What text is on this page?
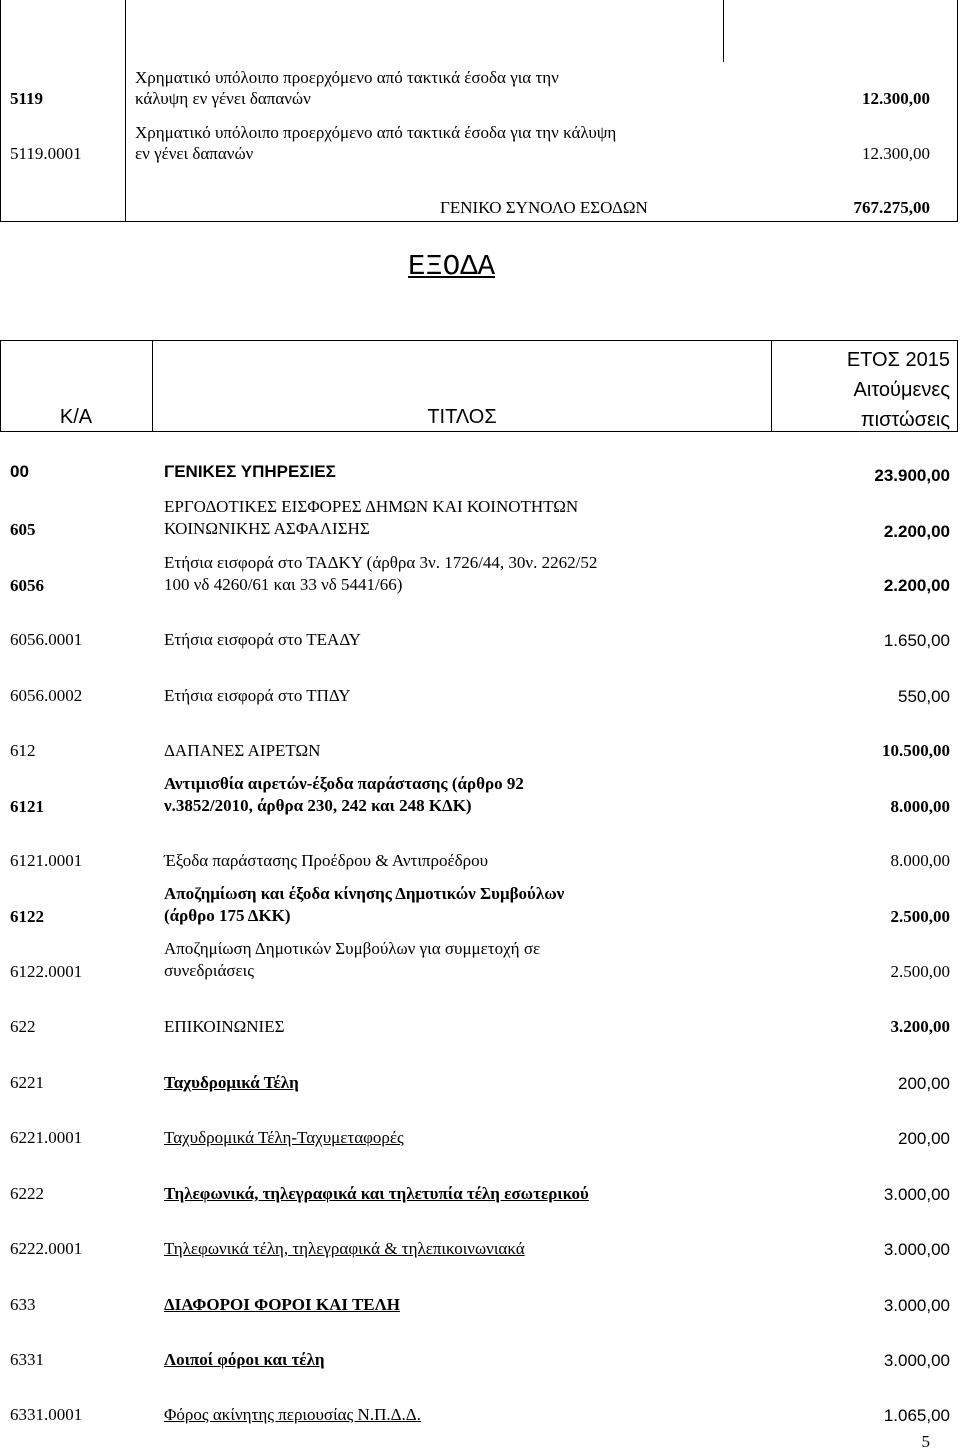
5119
Χρηματικό υπόλοιπο προερχόμενο από τακτικά έσοδα για την
κάλυψη εν γένει δαπανών	12.300,00
5119.0001
Χρηματικό υπόλοιπο προερχόμενο από τακτικά έσοδα για την κάλυψη
εν γένει δαπανών	12.300,00
ΓΕΝΙΚΟ ΣΥΝΟΛΟ ΕΣΟΔΩΝ	767.275,00
ΕΞΟΔΑ
Κ/Α	ΤΙΤΛΟΣ
ΕΤΟΣ 2015
Αιτούμενες
πιστώσεις
00	ΓΕΝΙΚΕΣ ΥΠΗΡΕΣΙΕΣ	23.900,00
605
ΕΡΓΟΔΟΤΙΚΕΣ ΕΙΣΦΟΡΕΣ ΔΗΜΩΝ ΚΑΙ ΚΟΙΝΟΤΗΤΩΝ
ΚΟΙΝΩΝΙΚΗΣ ΑΣΦΑΛΙΣΗΣ	2.200,00
6056
Ετήσια εισφορά στο ΤΑΔΚΥ (άρθρα 3ν. 1726/44, 30ν. 2262/52
100 νδ 4260/61 και 33 νδ 5441/66)	2.200,00
6056.0001	Ετήσια εισφορά στο ΤΕΑΔΥ	1.650,00
6056.0002	Ετήσια εισφορά στο ΤΠΔΥ	550,00
612	ΔΑΠΑΝΕΣ ΑΙΡΕΤΩΝ	10.500,00
6121
Αντιμισθία αιρετών-έξοδα παράστασης (άρθρο 92
ν.3852/2010, άρθρα 230, 242 και 248 ΚΔΚ)	8.000,00
6121.0001	Έξοδα παράστασης Προέδρου & Αντιπροέδρου	8.000,00
6122
Αποζημίωση και έξοδα κίνησης Δημοτικών Συμβούλων
(άρθρο 175 ΔΚΚ)	2.500,00
6122.0001
Αποζημίωση Δημοτικών Συμβούλων για συμμετοχή σε
συνεδριάσεις	2.500,00
622	ΕΠΙΚΟΙΝΩΝΙΕΣ	3.200,00
6221	Ταχυδρομικά Τέλη	200,00
6221.0001	Ταχυδρομικά Τέλη-Ταχυμεταφορές	200,00
6222	Τηλεφωνικά, τηλεγραφικά και τηλετυπία τέλη εσωτερικού	3.000,00
6222.0001	Τηλεφωνικά τέλη, τηλεγραφικά & τηλεπικοινωνιακά	3.000,00
633	ΔΙΑΦΟΡΟΙ ΦΟΡΟΙ ΚΑΙ ΤΕΛΗ	3.000,00
6331	Λοιποί φόροι και τέλη	3.000,00
6331.0001	Φόρος ακίνητης περιουσίας Ν.Π.Δ.Δ.	1.065,00
5
